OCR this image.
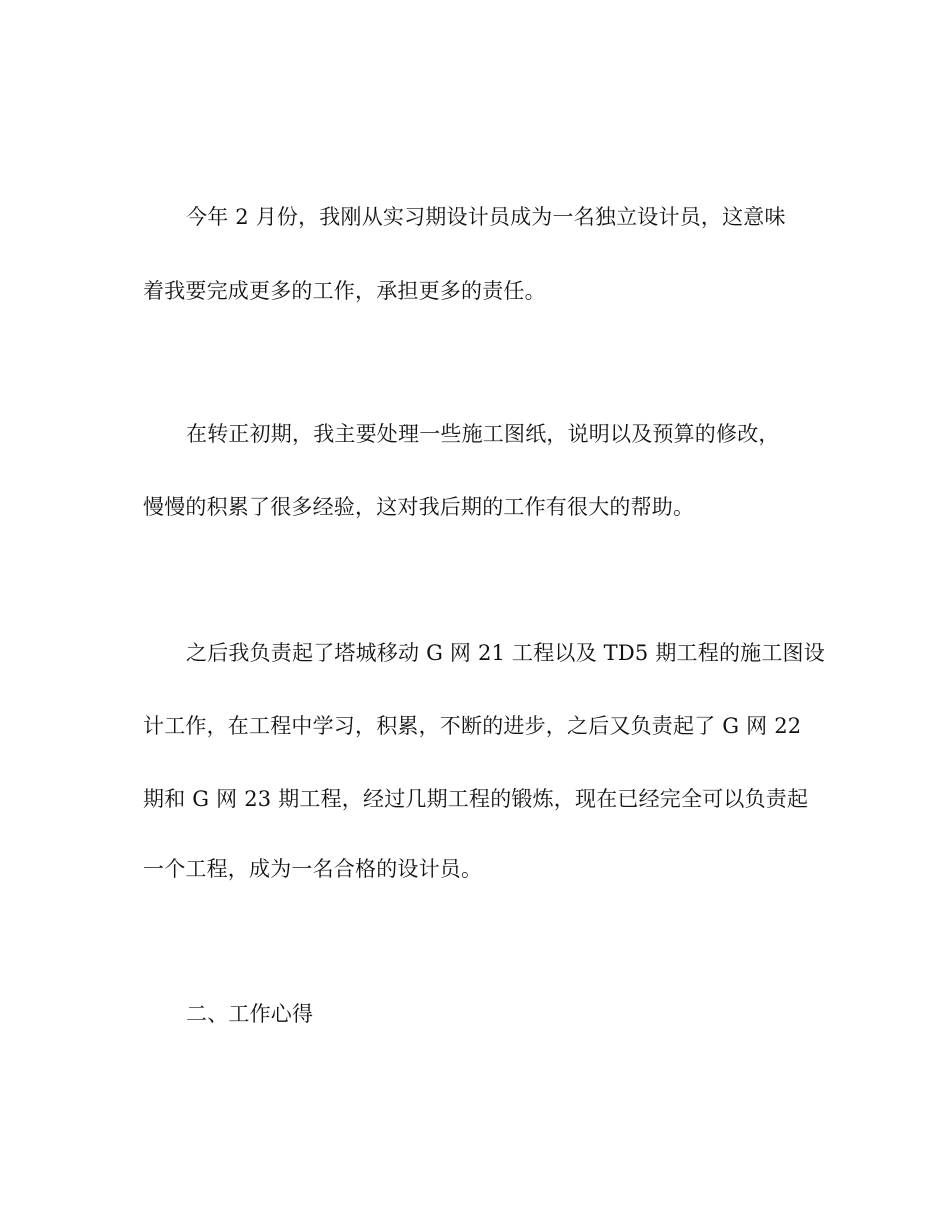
今年 2 月份，我刚从实习期设计员成为一名独立设计员，这意味
着我要完成更多的工作，承担更多的责任。
在转正初期，我主要处理一些施工图纸，说明以及预算的修改，
慢慢的积累了很多经验，这对我后期的工作有很大的帮助。
之后我负责起了塔城移动 G 网 21 工程以及 TD5 期工程的施工图设
计工作，在工程中学习，积累，不断的进步，之后又负责起了 G 网 22
期和 G 网 23 期工程，经过几期工程的锻炼，现在已经完全可以负责起
一个工程，成为一名合格的设计员。
二、工作心得
